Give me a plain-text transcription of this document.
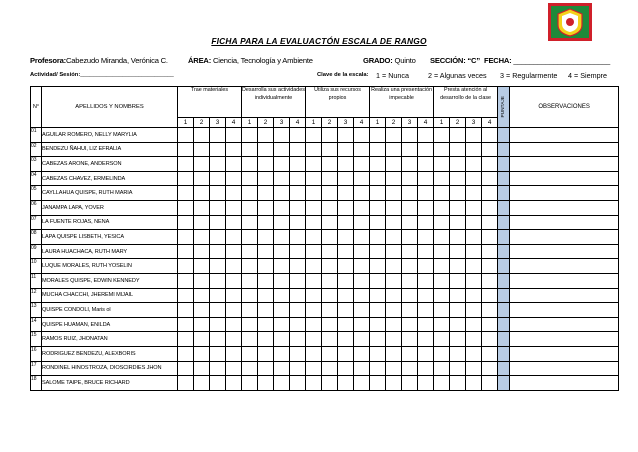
FICHA PARA LA EVALUACTÓN ESCALA DE RANGO
Profesora:Cabezudo Miranda, Verónica C.	ÁREA: Ciencia, Tecnología y Ambiente	GRADO: Quinto SECCIÓN: “C” FECHA: ________________________
Actividad/ Sesión:_____________________________	Clave de la escala: 1 = Nunca	2 = Algunas veces 3 = Regularmente 4 = Siempre
N°	APELLIDOS Y NOMBRES	Trae materiales				Desarrolla sus actividades individualmente				Utiliza sus recursos propios				Realiza una presentación impecable				Presta atención al desarrollo de la clase				PUNTAJE	OBSERVACIONES
		1	2	3	4	1	2	3	4	1	2	3	4	1	2	3	4	1	2	3	4		
01	AGUILAR ROMERO, NELLY MARYLIA																						
02	BENDEZU ÑAHUI, LIZ EFRALIA																						
03	CABEZAS ARONE, ANDERSON																						
04	CABEZAS CHAVEZ, ERMELINDA																						
05	CAYLLAHUA QUISPE, RUTH MARIA																						
06	JANAMPA LAPA, YOVER																						
07	LA FUENTE ROJAS, NENA																						
08	LAPA QUISPE LISBETH, YESICA																						
09	LAURA HUACHACA, RUTH MARY																						
10	LUQUE MORALES, RUTH YOSELIN																						
11	MORALES QUISPE, EDWIN KENNEDY																						
12	MUCHA CHACCHI, JHEREMI MIJAIL																						
13	QUISPE CONDOLI, Maris ol																						
14	QUISPE HUAMAN, ENILDA																						
15	RAMOS RUIZ, JHONATAN																						
16	RODRIGUEZ BENDEZU, ALEXBORIS																						
17	RONDINEL HINOSTROZA, DIOSCIRDIES JHON																						
18	SALOME TAIPE, BRUCE RICHARD																						
